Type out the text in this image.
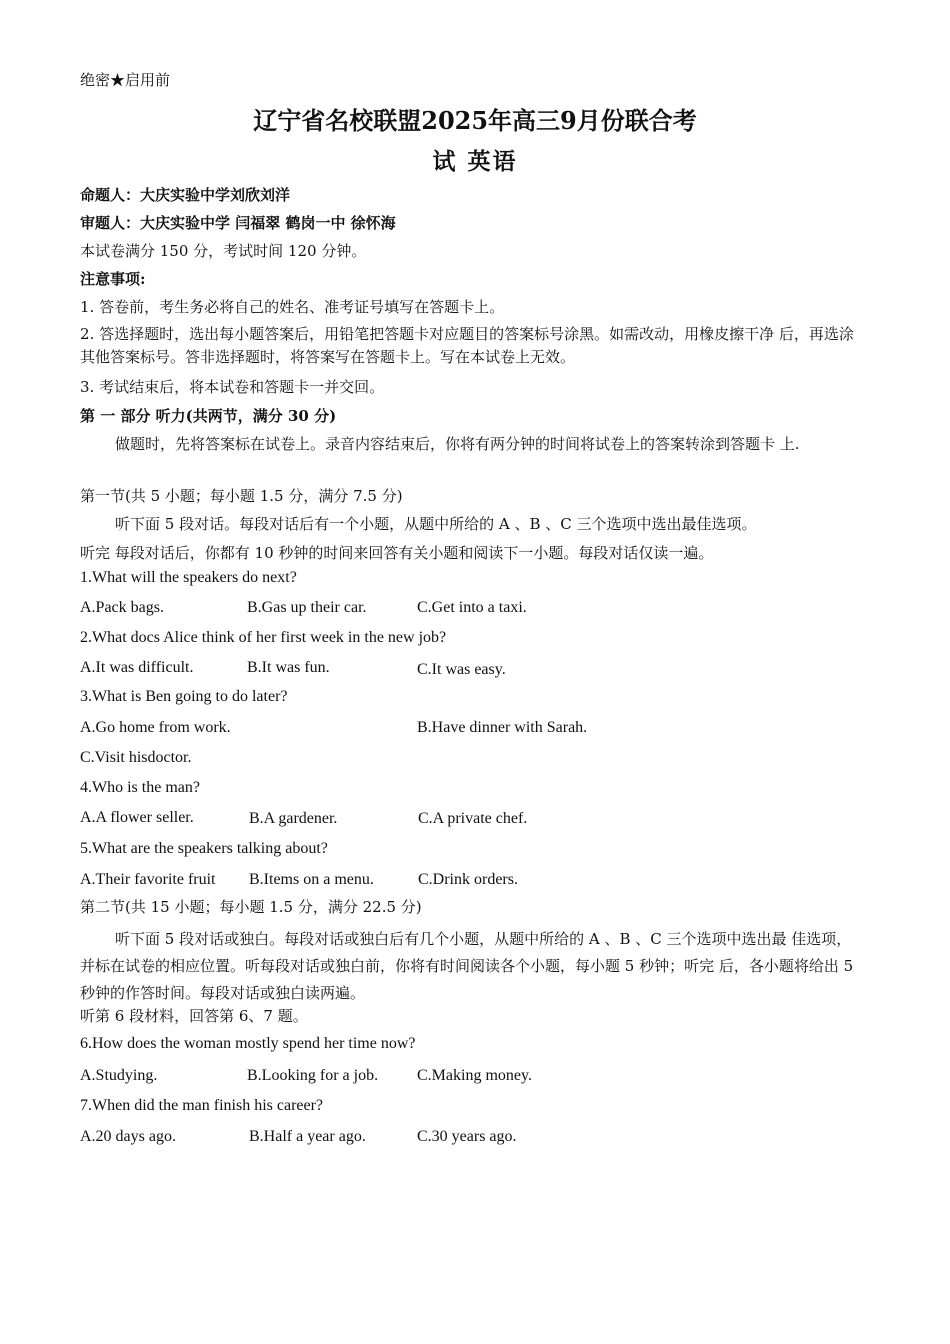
绝密★启用前
辽宁省名校联盟2025年高三9月份联合考
试 英语
命题人：大庆实验中学刘欣刘洋
审题人：大庆实验中学 闫福翠 鹤岗一中 徐怀海
本试卷满分 150 分，考试时间 120 分钟。
注意事项:
1. 答卷前，考生务必将自己的姓名、准考证号填写在答题卡上。
2. 答选择题时，选出每小题答案后，用铅笔把答题卡对应题目的答案标号涂黑。如需改动，用橡皮擦干净 后，再选涂其他答案标号。答非选择题时，将答案写在答题卡上。写在本试卷上无效。
3. 考试结束后，将本试卷和答题卡一并交回。
第 一 部分 听力(共两节，满分 30 分)
做题时，先将答案标在试卷上。录音内容结束后，你将有两分钟的时间将试卷上的答案转涂到答题卡 上.
第一节(共 5 小题；每小题 1.5 分，满分 7.5 分)
听下面 5 段对话。每段对话后有一个小题，从题中所给的 A 、B 、C 三个选项中选出最佳选项。
听完 每段对话后，你都有 10 秒钟的时间来回答有关小题和阅读下一小题。每段对话仅读一遍。
1.What will the speakers do next?
A.Pack bags.	B.Gas up their car.	C.Get into a taxi.
2.What docs Alice think of her first week in the new job?
A.It was difficult.	B.It was fun.	C.It was easy.
3.What is Ben going to do later?
A.Go home from work.	B.Have dinner with Sarah.
C.Visit hisdoctor.
4.Who is the man?
A.A flower seller.	B.A gardener.	C.A private chef.
5.What are the speakers talking about?
A.Their favorite fruit B.Items on a menu.	C.Drink orders.
第二节(共 15 小题；每小题 1.5 分，满分 22.5 分)
听下面 5 段对话或独白。每段对话或独白后有几个小题，从题中所给的 A 、B 、C 三个选项中选出最 佳选项，并标在试卷的相应位置。听每段对话或独白前，你将有时间阅读各个小题，每小题 5 秒钟；听完 后，各小题将给出 5 秒钟的作答时间。每段对话或独白读两遍。
听第 6 段材料，回答第 6、7 题。
6.How does the woman mostly spend her time now?
A.Studying.	B.Looking for a job. C.Making money.
7.When did the man finish his career?
A.20 days ago.	B.Half a year ago.	C.30 years ago.
